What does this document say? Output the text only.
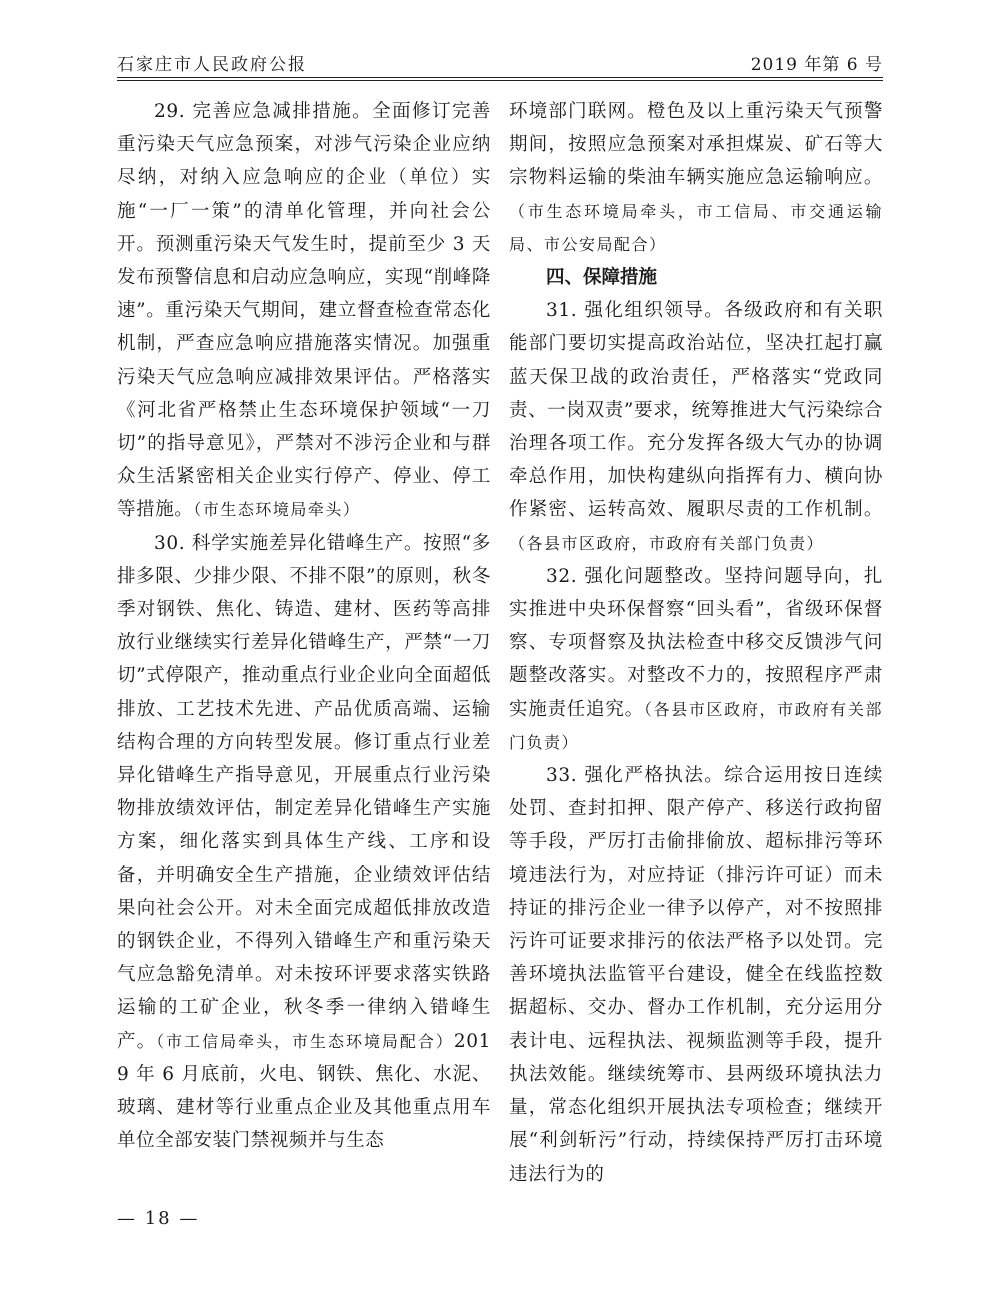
石家庄市人民政府公报	2019 年第 6 号

29. 完善应急减排措施。全面修订完善重污染天气应急预案，对涉气污染企业应纳尽纳，对纳入应急响应的企业（单位）实施“一厂一策”的清单化管理，并向社会公开。预测重污染天气发生时，提前至少 3 天发布预警信息和启动应急响应，实现“削峰降速”。重污染天气期间，建立督查检查常态化机制，严查应急响应措施落实情况。加强重污染天气应急响应减排效果评估。严格落实《河北省严格禁止生态环境保护领域“一刀切”的指导意见》，严禁对不涉污企业和与群众生活紧密相关企业实行停产、停业、停工等措施。（市生态环境局牵头）

30. 科学实施差异化错峰生产。按照“多排多限、少排少限、不排不限”的原则，秋冬季对钢铁、焦化、铸造、建材、医药等高排放行业继续实行差异化错峰生产，严禁“一刀切”式停限产，推动重点行业企业向全面超低排放、工艺技术先进、产品优质高端、运输结构合理的方向转型发展。修订重点行业差异化错峰生产指导意见，开展重点行业污染物排放绩效评估，制定差异化错峰生产实施方案，细化落实到具体生产线、工序和设备，并明确安全生产措施，企业绩效评估结果向社会公开。对未全面完成超低排放改造的钢铁企业，不得列入错峰生产和重污染天气应急豁免清单。对未按环评要求落实铁路运输的工矿企业，秋冬季一律纳入错峰生产。（市工信局牵头，市生态环境局配合）2019 年 6 月底前，火电、钢铁、焦化、水泥、玻璃、建材等行业重点企业及其他重点用车单位全部安装门禁视频并与生态

环境部门联网。橙色及以上重污染天气预警期间，按照应急预案对承担煤炭、矿石等大宗物料运输的柴油车辆实施应急运输响应。（市生态环境局牵头，市工信局、市交通运输局、市公安局配合）

四、保障措施

31. 强化组织领导。各级政府和有关职能部门要切实提高政治站位，坚决扛起打赢蓝天保卫战的政治责任，严格落实“党政同责、一岗双责”要求，统筹推进大气污染综合治理各项工作。充分发挥各级大气办的协调牵总作用，加快构建纵向指挥有力、横向协作紧密、运转高效、履职尽责的工作机制。（各县市区政府，市政府有关部门负责）

32. 强化问题整改。坚持问题导向，扎实推进中央环保督察“回头看”，省级环保督察、专项督察及执法检查中移交反馈涉气问题整改落实。对整改不力的，按照程序严肃实施责任追究。（各县市区政府，市政府有关部门负责）

33. 强化严格执法。综合运用按日连续处罚、查封扣押、限产停产、移送行政拘留等手段，严厉打击偷排偷放、超标排污等环境违法行为，对应持证（排污许可证）而未持证的排污企业一律予以停产，对不按照排污许可证要求排污的依法严格予以处罚。完善环境执法监管平台建设，健全在线监控数据超标、交办、督办工作机制，充分运用分表计电、远程执法、视频监测等手段，提升执法效能。继续统筹市、县两级环境执法力量，常态化组织开展执法专项检查；继续开展“利剑斩污”行动，持续保持严厉打击环境违法行为的

— 18 —
